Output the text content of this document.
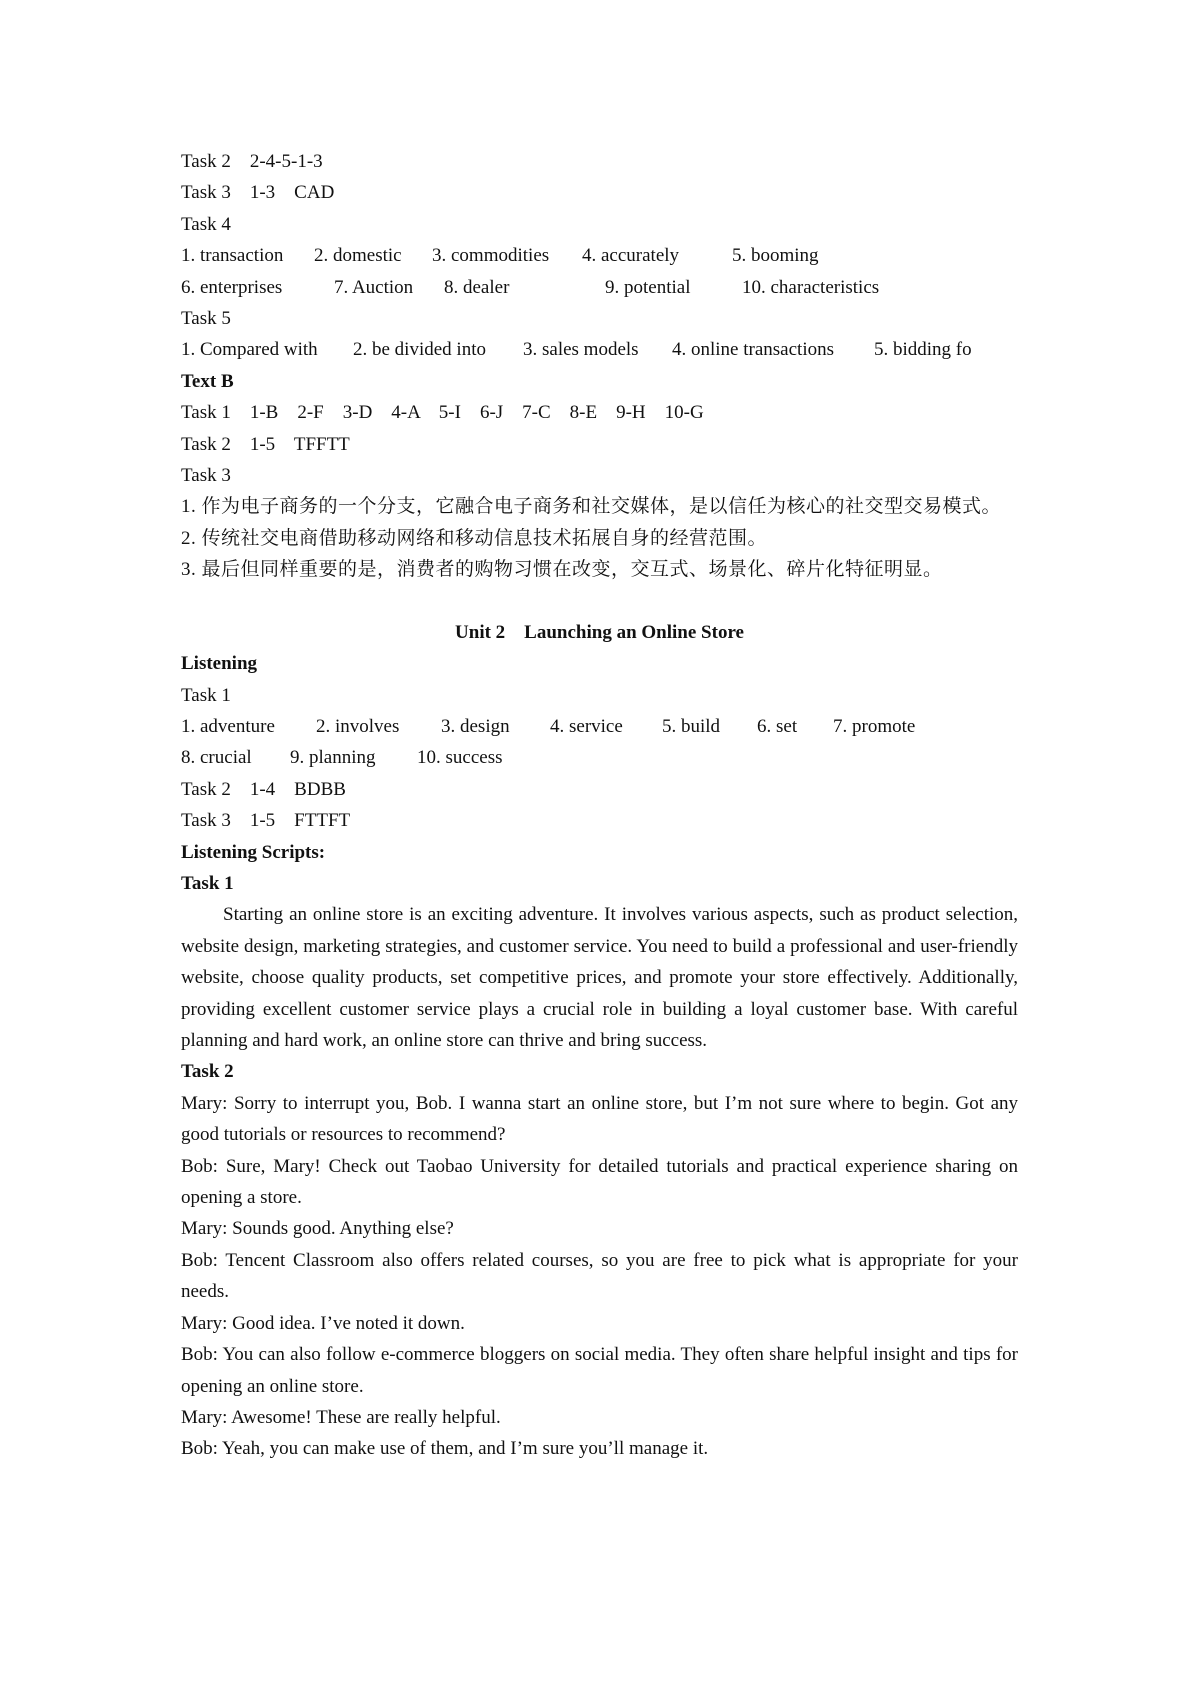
Task 2    2-4-5-1-3
Task 3    1-3    CAD
Task 4
1. transaction	2. domestic	3. commodities	4. accurately	5. booming
6. enterprises	7. Auction	8. dealer	9. potential	10. characteristics
Task 5
1. Compared with	2. be divided into	3. sales models	4. online transactions	5. bidding fo
Text B
Task 1    1-B    2-F    3-D    4-A    5-I    6-J    7-C    8-E    9-H    10-G
Task 2    1-5    TFFTT
Task 3
1. 作为电子商务的一个分支，它融合电子商务和社交媒体，是以信任为核心的社交型交易模式。
2. 传统社交电商借助移动网络和移动信息技术拓展自身的经营范围。
3. 最后但同样重要的是，消费者的购物习惯在改变，交互式、场景化、碎片化特征明显。
Unit 2    Launching an Online Store
Listening
Task 1
1. adventure	2. involves	3. design	4. service	5. build	6. set	7. promote
8. crucial	9. planning	10. success
Task 2    1-4    BDBB
Task 3    1-5    FTTFT
Listening Scripts:
Task 1
Starting an online store is an exciting adventure. It involves various aspects, such as product selection, website design, marketing strategies, and customer service. You need to build a professional and user-friendly website, choose quality products, set competitive prices, and promote your store effectively. Additionally, providing excellent customer service plays a crucial role in building a loyal customer base. With careful planning and hard work, an online store can thrive and bring success.
Task 2
Mary: Sorry to interrupt you, Bob. I wanna start an online store, but I’m not sure where to begin. Got any good tutorials or resources to recommend?
Bob: Sure, Mary! Check out Taobao University for detailed tutorials and practical experience sharing on opening a store.
Mary: Sounds good. Anything else?
Bob: Tencent Classroom also offers related courses, so you are free to pick what is appropriate for your needs.
Mary: Good idea. I’ve noted it down.
Bob: You can also follow e-commerce bloggers on social media. They often share helpful insight and tips for opening an online store.
Mary: Awesome! These are really helpful.
Bob: Yeah, you can make use of them, and I’m sure you’ll manage it.
